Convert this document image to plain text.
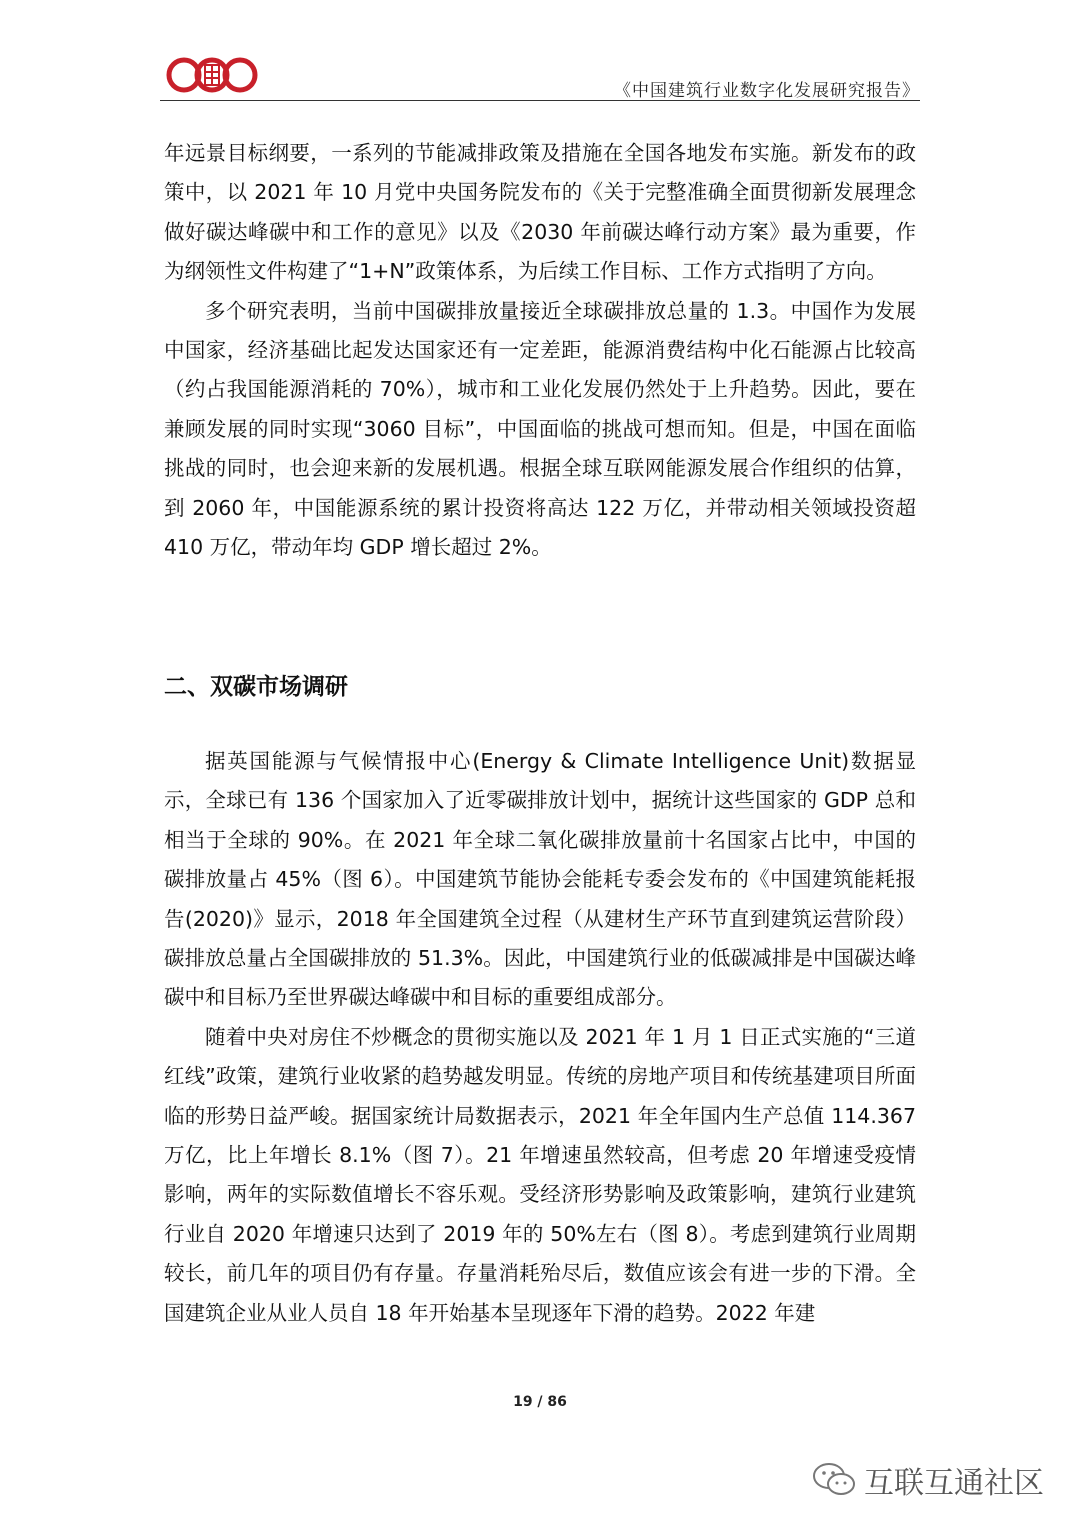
《中国建筑行业数字化发展研究报告》

年远景目标纲要，一系列的节能减排政策及措施在全国各地发布实施。新发布的政策中，以 2021 年 10 月党中央国务院发布的《关于完整准确全面贯彻新发展理念做好碳达峰碳中和工作的意见》以及《2030 年前碳达峰行动方案》最为重要，作为纲领性文件构建了“1+N”政策体系，为后续工作目标、工作方式指明了方向。

多个研究表明，当前中国碳排放量接近全球碳排放总量的 1.3。中国作为发展中国家，经济基础比起发达国家还有一定差距，能源消费结构中化石能源占比较高（约占我国能源消耗的 70%），城市和工业化发展仍然处于上升趋势。因此，要在兼顾发展的同时实现“3060 目标”，中国面临的挑战可想而知。但是，中国在面临挑战的同时，也会迎来新的发展机遇。根据全球互联网能源发展合作组织的估算，到 2060 年，中国能源系统的累计投资将高达 122 万亿，并带动相关领域投资超 410 万亿，带动年均 GDP 增长超过 2%。

二、双碳市场调研

据英国能源与气候情报中心(Energy & Climate Intelligence Unit)数据显示，全球已有 136 个国家加入了近零碳排放计划中，据统计这些国家的 GDP 总和相当于全球的 90%。在 2021 年全球二氧化碳排放量前十名国家占比中，中国的碳排放量占 45%（图 6）。中国建筑节能协会能耗专委会发布的《中国建筑能耗报告(2020)》显示，2018 年全国建筑全过程（从建材生产环节直到建筑运营阶段）碳排放总量占全国碳排放的 51.3%。因此，中国建筑行业的低碳减排是中国碳达峰碳中和目标乃至世界碳达峰碳中和目标的重要组成部分。

随着中央对房住不炒概念的贯彻实施以及 2021 年 1 月 1 日正式实施的“三道红线”政策，建筑行业收紧的趋势越发明显。传统的房地产项目和传统基建项目所面临的形势日益严峻。据国家统计局数据表示，2021 年全年国内生产总值 114.367 万亿，比上年增长 8.1%（图 7）。21 年增速虽然较高，但考虑 20 年增速受疫情影响，两年的实际数值增长不容乐观。受经济形势影响及政策影响，建筑行业建筑行业自 2020 年增速只达到了 2019 年的 50%左右（图 8）。考虑到建筑行业周期较长，前几年的项目仍有存量。存量消耗殆尽后，数值应该会有进一步的下滑。全国建筑企业从业人员自 18 年开始基本呈现逐年下滑的趋势。2022 年建

19 / 86
互联互通社区
